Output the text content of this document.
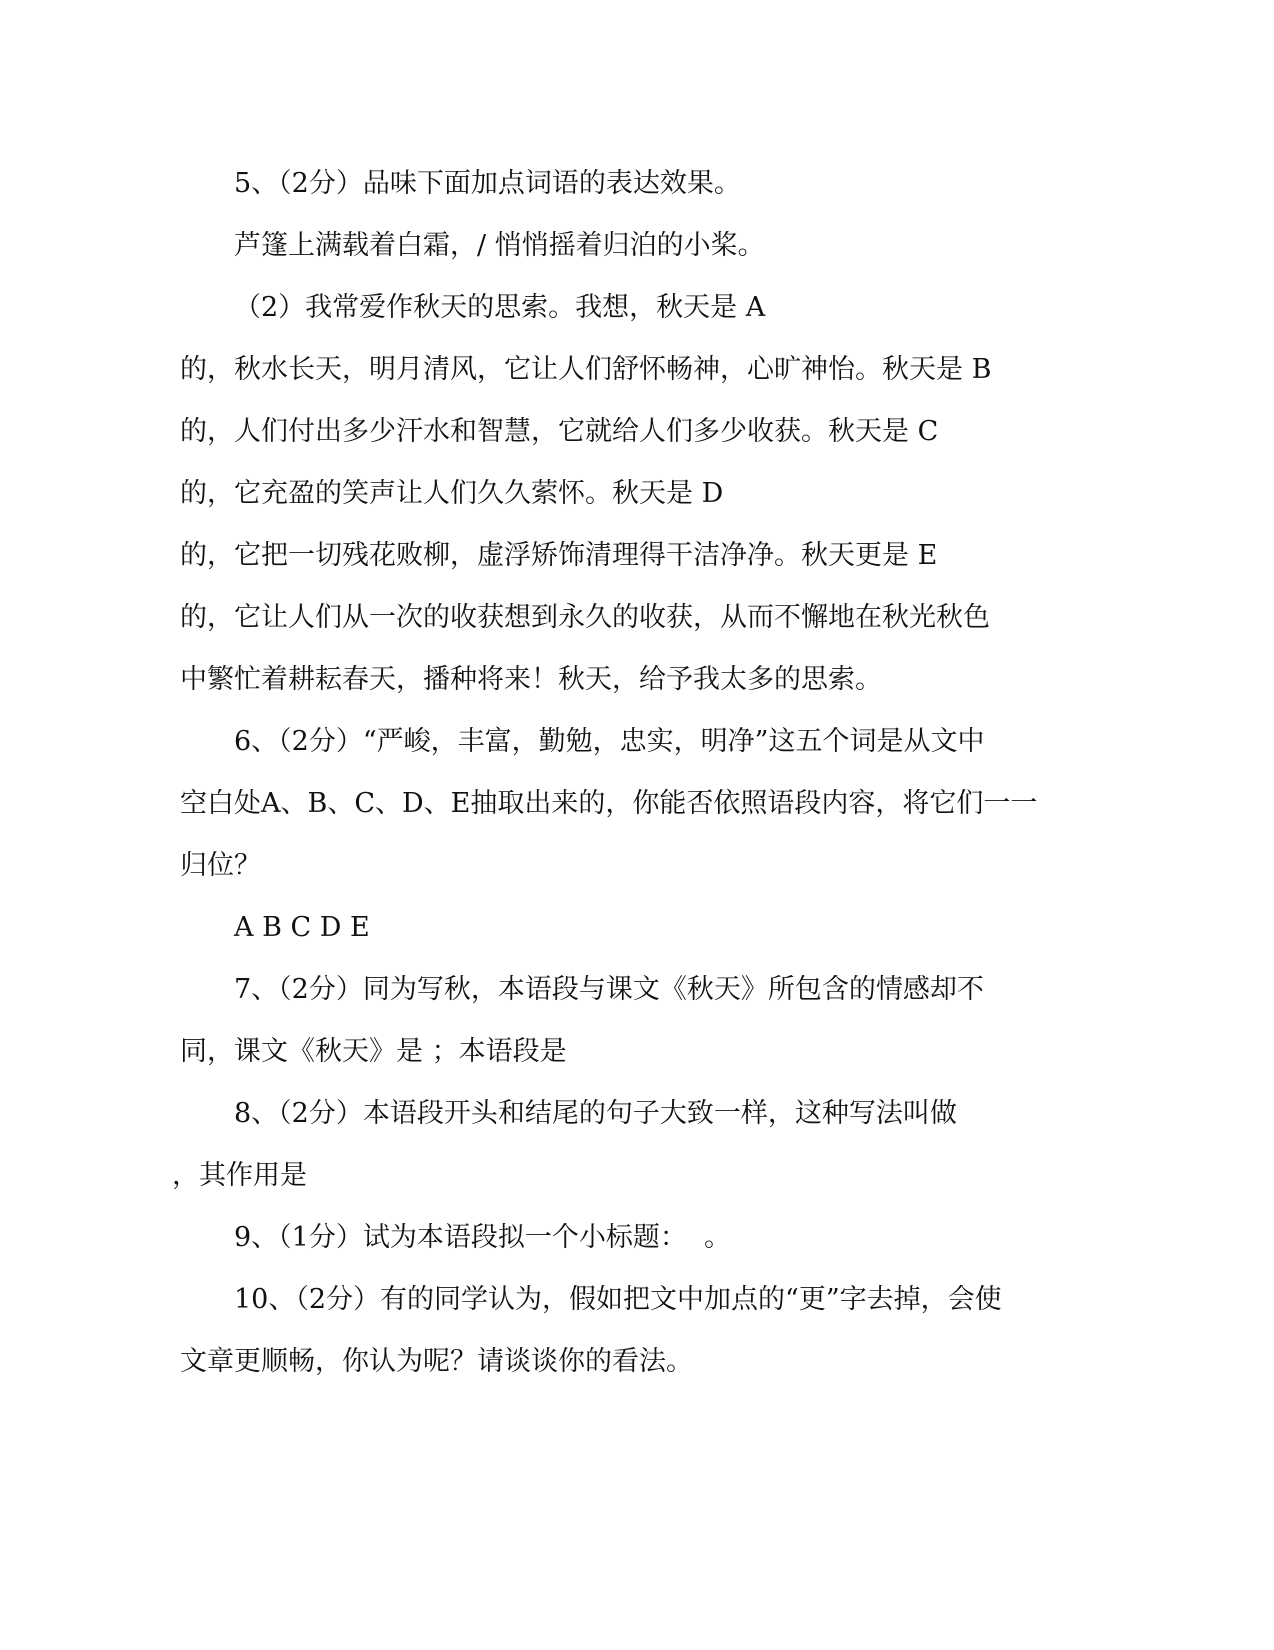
5、（2分）品味下面加点词语的表达效果。
芦篷上满载着白霜，/ 悄悄摇着归泊的小桨。
（2）我常爱作秋天的思索。我想，秋天是 A
的，秋水长天，明月清风，它让人们舒怀畅神，心旷神怡。秋天是 B
的，人们付出多少汗水和智慧，它就给人们多少收获。秋天是 C
的，它充盈的笑声让人们久久萦怀。秋天是 D
的，它把一切残花败柳，虚浮矫饰清理得干洁净净。秋天更是 E
的，它让人们从一次的收获想到永久的收获，从而不懈地在秋光秋色
中繁忙着耕耘春天，播种将来！秋天，给予我太多的思索。
6、（2分）“严峻，丰富，勤勉，忠实，明净”这五个词是从文中
空白处A、B、C、D、E抽取出来的，你能否依照语段内容，将它们一一
归位？
A B C D E
7、（2分）同为写秋，本语段与课文《秋天》所包含的情感却不
同，课文《秋天》是 ；本语段是
8、（2分）本语段开头和结尾的句子大致一样，这种写法叫做
，其作用是
9、（1分）试为本语段拟一个小标题：  。
10、（2分）有的同学认为，假如把文中加点的“更”字去掉，会使
文章更顺畅，你认为呢？请谈谈你的看法。
